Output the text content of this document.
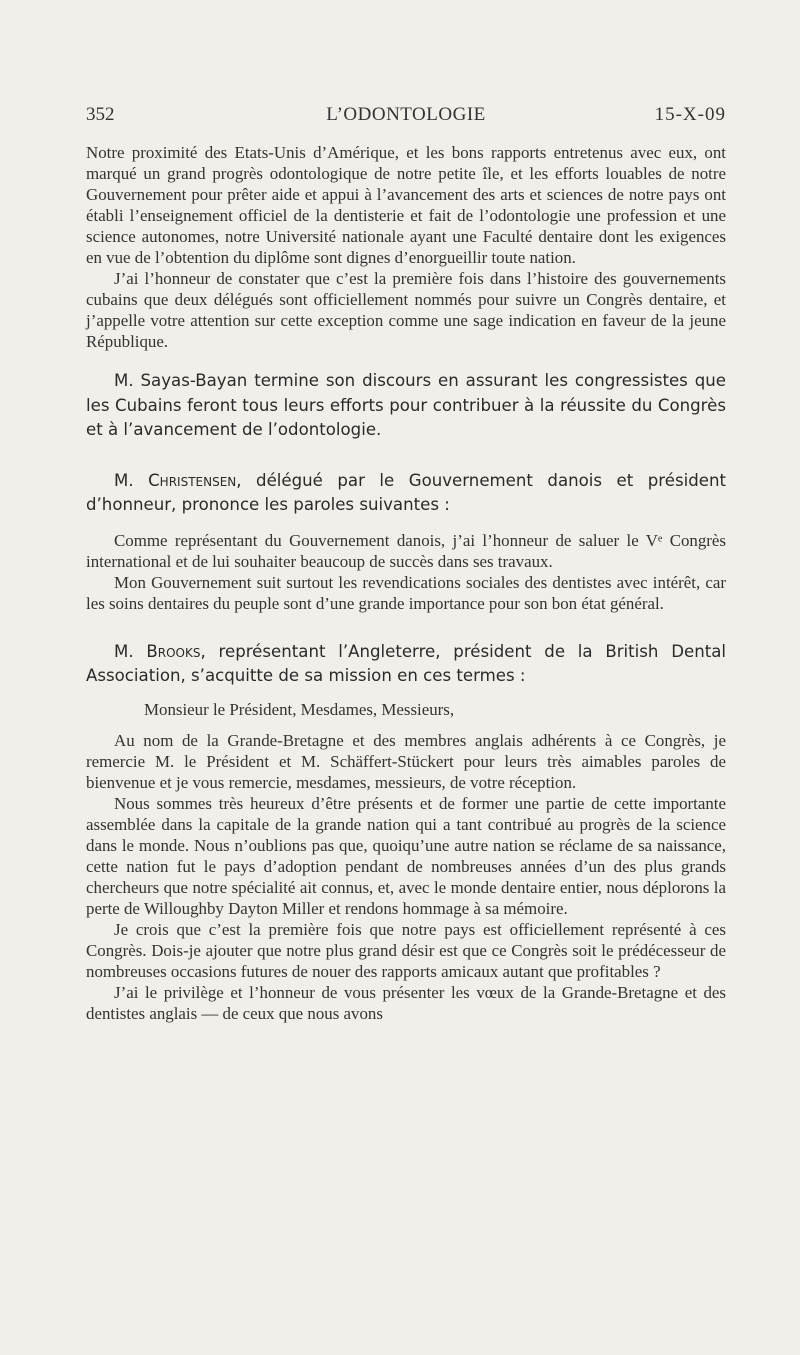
352	L’ODONTOLOGIE	15-X-09

Notre proximité des Etats-Unis d’Amérique, et les bons rapports entretenus avec eux, ont marqué un grand progrès odontologique de notre petite île, et les efforts louables de notre Gouvernement pour prêter aide et appui à l’avancement des arts et sciences de notre pays ont établi l’enseignement officiel de la dentisterie et fait de l’odontologie une profession et une science autonomes, notre Université nationale ayant une Faculté dentaire dont les exigences en vue de l’obtention du diplôme sont dignes d’enorgueillir toute nation.

J’ai l’honneur de constater que c’est la première fois dans l’histoire des gouvernements cubains que deux délégués sont officiellement nommés pour suivre un Congrès dentaire, et j’appelle votre attention sur cette exception comme une sage indication en faveur de la jeune République.

M. Sayas-Bayan termine son discours en assurant les congressistes que les Cubains feront tous leurs efforts pour contribuer à la réussite du Congrès et à l’avancement de l’odontologie.

M. Christensen, délégué par le Gouvernement danois et président d’honneur, prononce les paroles suivantes :

Comme représentant du Gouvernement danois, j’ai l’honneur de saluer le Vᵉ Congrès international et de lui souhaiter beaucoup de succès dans ses travaux.

Mon Gouvernement suit surtout les revendications sociales des dentistes avec intérêt, car les soins dentaires du peuple sont d’une grande importance pour son bon état général.

M. Brooks, représentant l’Angleterre, président de la British Dental Association, s’acquitte de sa mission en ces termes :

Monsieur le Président, Mesdames, Messieurs,

Au nom de la Grande-Bretagne et des membres anglais adhérents à ce Congrès, je remercie M. le Président et M. Schäffert-Stückert pour leurs très aimables paroles de bienvenue et je vous remercie, mesdames, messieurs, de votre réception.

Nous sommes très heureux d’être présents et de former une partie de cette importante assemblée dans la capitale de la grande nation qui a tant contribué au progrès de la science dans le monde. Nous n’oublions pas que, quoiqu’une autre nation se réclame de sa naissance, cette nation fut le pays d’adoption pendant de nombreuses années d’un des plus grands chercheurs que notre spécialité ait connus, et, avec le monde dentaire entier, nous déplorons la perte de Willoughby Dayton Miller et rendons hommage à sa mémoire.

Je crois que c’est la première fois que notre pays est officiellement représenté à ces Congrès. Dois-je ajouter que notre plus grand désir est que ce Congrès soit le prédécesseur de nombreuses occasions futures de nouer des rapports amicaux autant que profitables ?

J’ai le privilège et l’honneur de vous présenter les vœux de la Grande-Bretagne et des dentistes anglais — de ceux que nous avons
